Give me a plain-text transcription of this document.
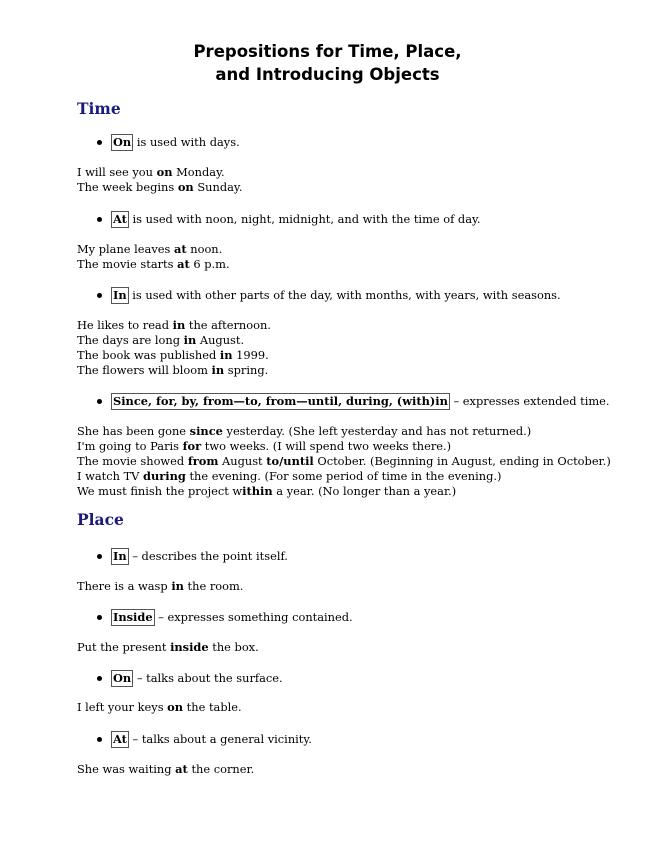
Prepositions for Time, Place,
and Introducing Objects
Time
On is used with days.
I will see you on Monday.
The week begins on Sunday.
At is used with noon, night, midnight, and with the time of day.
My plane leaves at noon.
The movie starts at 6 p.m.
In is used with other parts of the day, with months, with years, with seasons.
He likes to read in the afternoon.
The days are long in August.
The book was published in 1999.
The flowers will bloom in spring.
Since, for, by, from—to, from—until, during, (with)in – expresses extended time.
She has been gone since yesterday. (She left yesterday and has not returned.)
I'm going to Paris for two weeks. (I will spend two weeks there.)
The movie showed from August to/until October. (Beginning in August, ending in October.)
I watch TV during the evening. (For some period of time in the evening.)
We must finish the project within a year. (No longer than a year.)
Place
In – describes the point itself.
There is a wasp in the room.
Inside – expresses something contained.
Put the present inside the box.
On – talks about the surface.
I left your keys on the table.
At – talks about a general vicinity.
She was waiting at the corner.
